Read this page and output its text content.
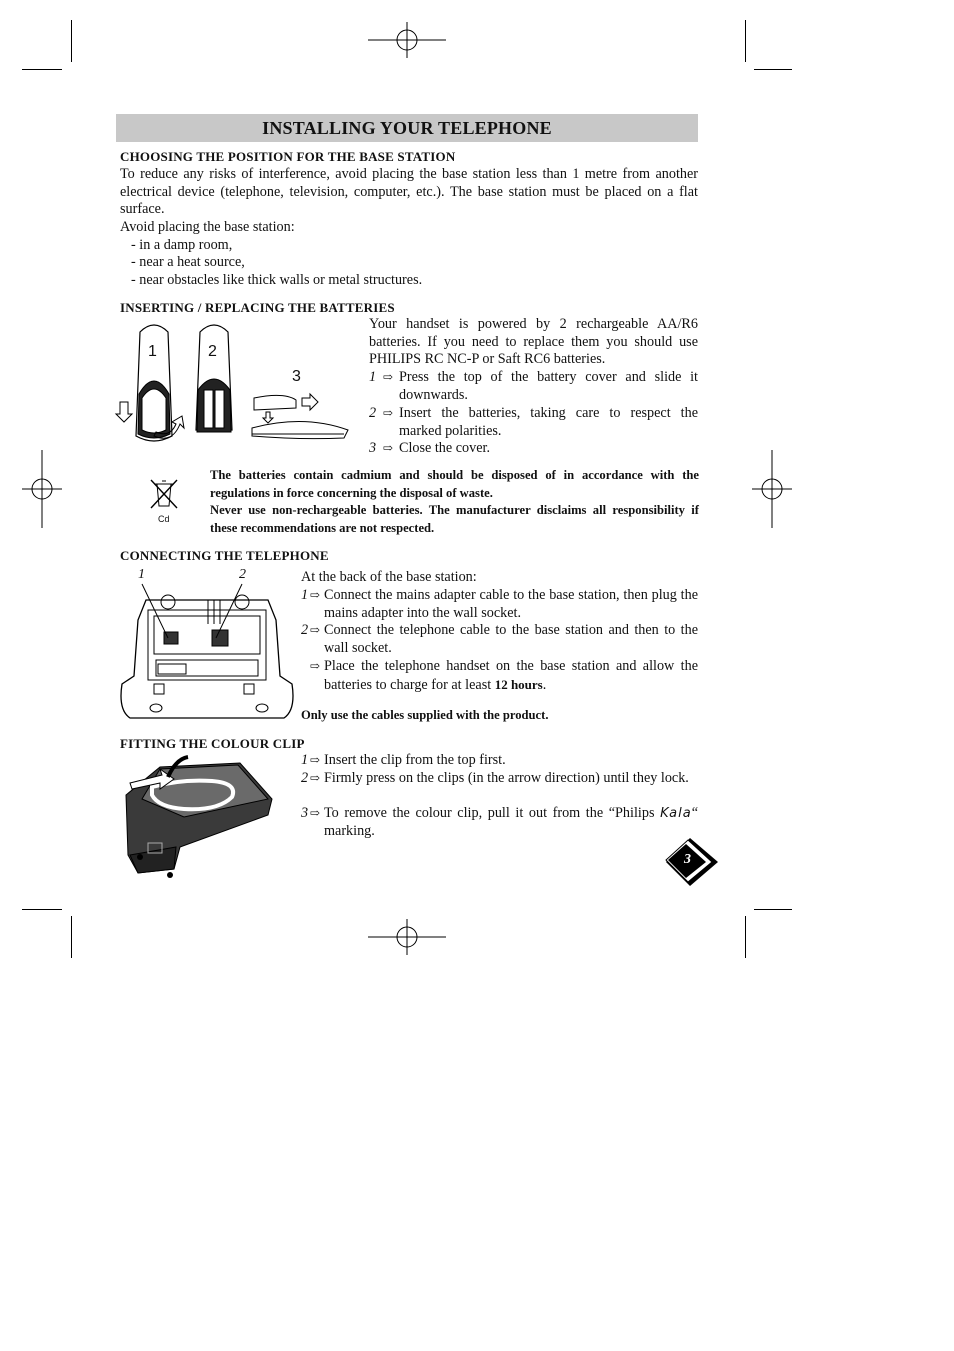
INSTALLING YOUR TELEPHONE
CHOOSING THE POSITION FOR THE BASE STATION
To reduce any risks of interference, avoid placing the base station less than 1 metre from another electrical device (telephone, television, computer, etc.). The base station must be placed on a flat surface.
Avoid placing the base station:
- in a damp room,
- near a heat source,
- near obstacles like thick walls or metal structures.
INSERTING / REPLACING THE BATTERIES
1	2
3
Your handset is powered by 2 rechargeable AA/R6 batteries. If you need to replace them you should use PHILIPS RC NC-P or Saft RC6 batteries.
1 ⇨ Press the top of the battery cover and slide it downwards.
2 ⇨ Insert the batteries, taking care to respect the marked polarities.
3 ⇨ Close the cover.
Cd
The batteries contain cadmium and should be disposed of in accordance with the regulations in force concerning the disposal of waste.
Never use non-rechargeable batteries. The manufacturer disclaims all responsibility if these recommendations are not respected.
CONNECTING THE TELEPHONE
1	2	At the back of the base station:
1 ⇨ Connect the mains adapter cable to the base station, then plug the mains adapter into the wall socket.
2 ⇨ Connect the telephone cable to the base station and then to the wall socket.
⇨ Place the telephone handset on the base station and allow the batteries to charge for at least 12 hours.
Only use the cables supplied with the product.
FITTING THE COLOUR CLIP
1 ⇨ Insert the clip from the top first.
2 ⇨ Firmly press on the clips (in the arrow direction) until they lock.
3 ⇨ To remove the colour clip, pull it out from the “Philips Kala“ marking.
3
